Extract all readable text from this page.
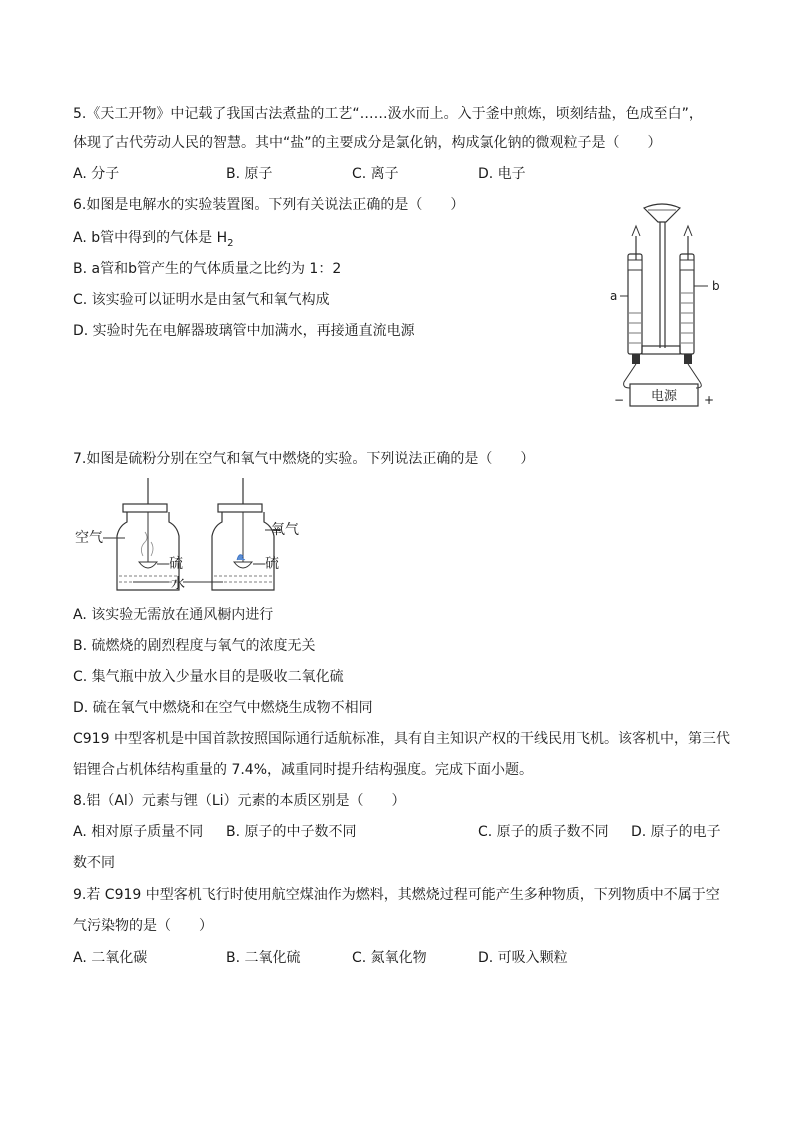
5.《天工开物》中记载了我国古法煮盐的工艺“……汲水而上。入于釜中煎炼，顷刻结盐，色成至白”，
体现了古代劳动人民的智慧。其中“盐”的主要成分是氯化钠，构成氯化钠的微观粒子是（　　）
A. 分子	B. 原子	C. 离子	D. 电子
6.如图是电解水的实验装置图。下列有关说法正确的是（　　）
A. b管中得到的气体是 $H_2$
B. a管和b管产生的气体质量之比约为 1：2
C. 该实验可以证明水是由氢气和氧气构成
D. 实验时先在电解器玻璃管中加满水，再接通直流电源
电源
−	+
a
b
7.如图是硫粉分别在空气和氧气中燃烧的实验。下列说法正确的是（　　）
空气
硫
水
硫
氧气
A. 该实验无需放在通风橱内进行
B. 硫燃烧的剧烈程度与氧气的浓度无关
C. 集气瓶中放入少量水目的是吸收二氧化硫
D. 硫在氧气中燃烧和在空气中燃烧生成物不相同
C919 中型客机是中国首款按照国际通行适航标准，具有自主知识产权的干线民用飞机。该客机中，第三代
铝锂合占机体结构重量的 7.4%，减重同时提升结构强度。完成下面小题。
8.铝（Al）元素与锂（Li）元素的本质区别是（　　）
A. 相对原子质量不同 B. 原子的中子数不同	C. 原子的质子数不同 D. 原子的电子
数不同
9.若 C919 中型客机飞行时使用航空煤油作为燃料，其燃烧过程可能产生多种物质，下列物质中不属于空
气污染物的是（　　）
A. 二氧化碳	B. 二氧化硫	C. 氮氧化物	D. 可吸入颗粒
